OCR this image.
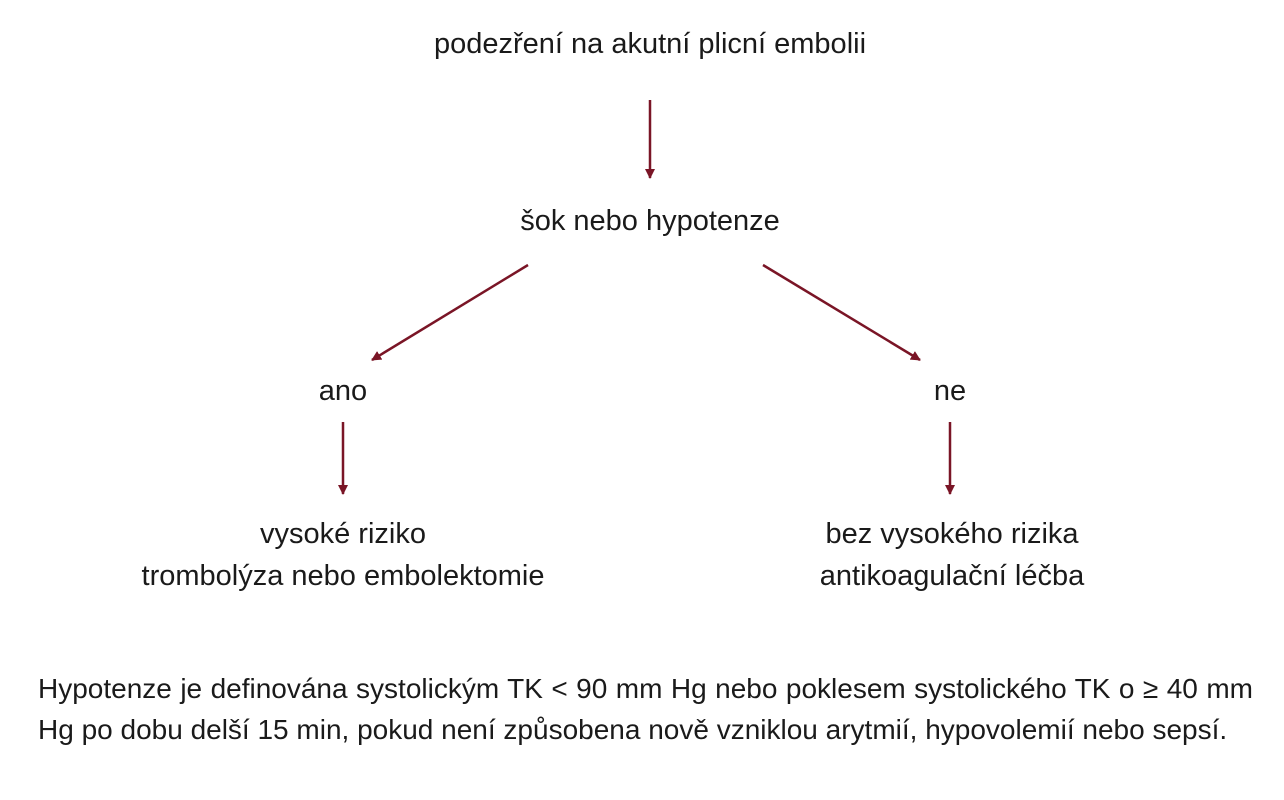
podezření na akutní plicní embolii
šok nebo hypotenze
ano	ne
vysoké riziko
trombolýza nebo embolektomie
bez vysokého rizika
antikoagulační léčba

Hypotenze je definována systolickým TK < 90 mm Hg nebo poklesem systolického TK o ≥ 40 mm Hg po dobu delší 15 min, pokud není způsobena nově vzniklou arytmií, hypovolemií nebo sepsí.
